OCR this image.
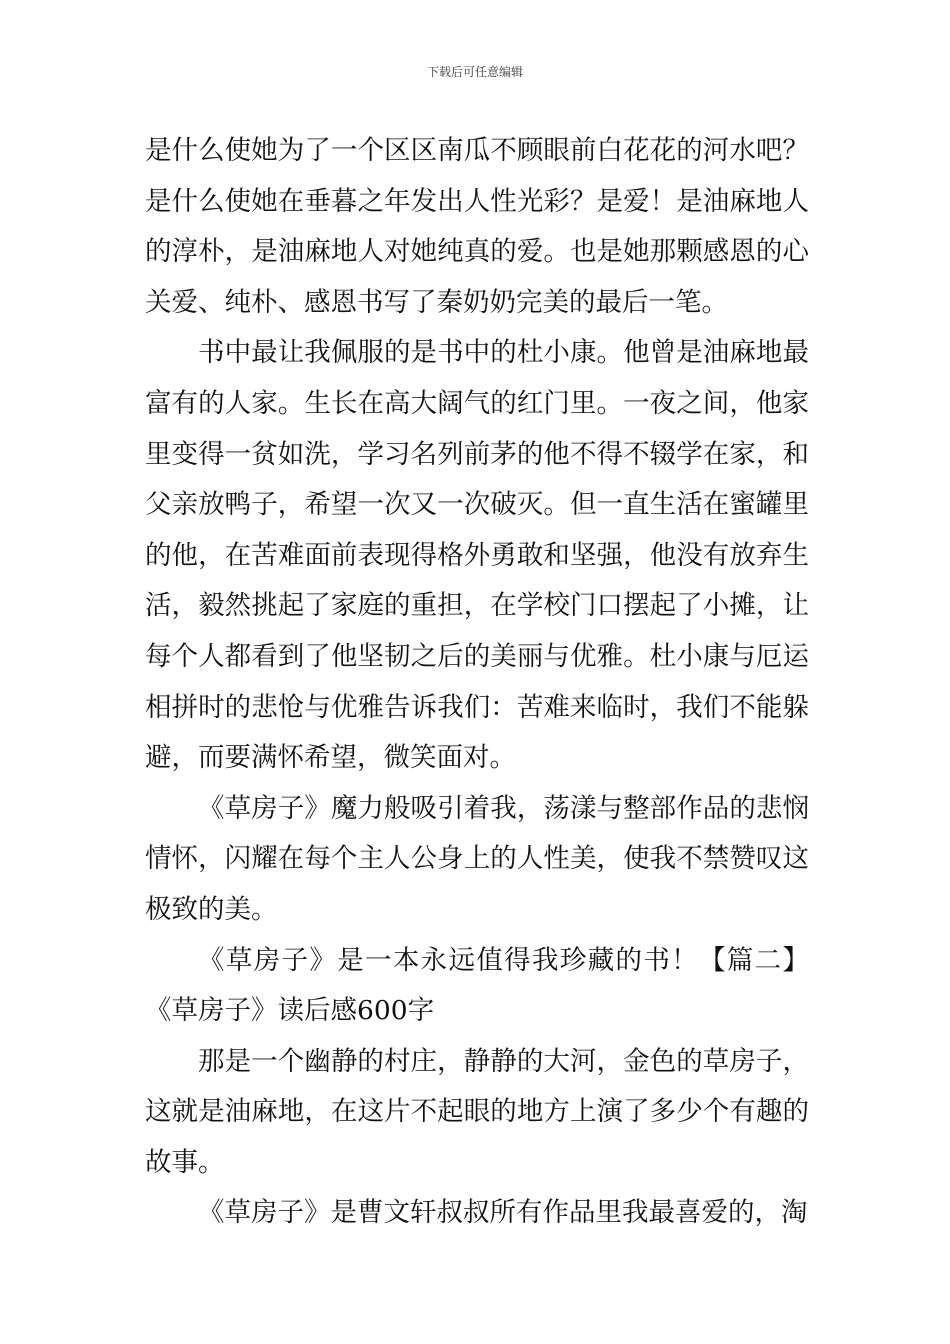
下载后可任意编辑
是什么使她为了一个区区南瓜不顾眼前白花花的河水吧？
是什么使她在垂暮之年发出人性光彩？是爱！是油麻地人
的淳朴，是油麻地人对她纯真的爱。也是她那颗感恩的心
关爱、纯朴、感恩书写了秦奶奶完美的最后一笔。
书中最让我佩服的是书中的杜小康。他曾是油麻地最
富有的人家。生长在高大阔气的红门里。一夜之间，他家
里变得一贫如洗，学习名列前茅的他不得不辍学在家，和
父亲放鸭子，希望一次又一次破灭。但一直生活在蜜罐里
的他，在苦难面前表现得格外勇敢和坚强，他没有放弃生
活，毅然挑起了家庭的重担，在学校门口摆起了小摊，让
每个人都看到了他坚韧之后的美丽与优雅。杜小康与厄运
相拼时的悲怆与优雅告诉我们：苦难来临时，我们不能躲
避，而要满怀希望，微笑面对。
《草房子》魔力般吸引着我，荡漾与整部作品的悲悯
情怀，闪耀在每个主人公身上的人性美，使我不禁赞叹这
极致的美。
《草房子》是一本永远值得我珍藏的书！【篇二】
《草房子》读后感600字
那是一个幽静的村庄，静静的大河，金色的草房子，
这就是油麻地，在这片不起眼的地方上演了多少个有趣的
故事。
《草房子》是曹文轩叔叔所有作品里我最喜爱的，淘
